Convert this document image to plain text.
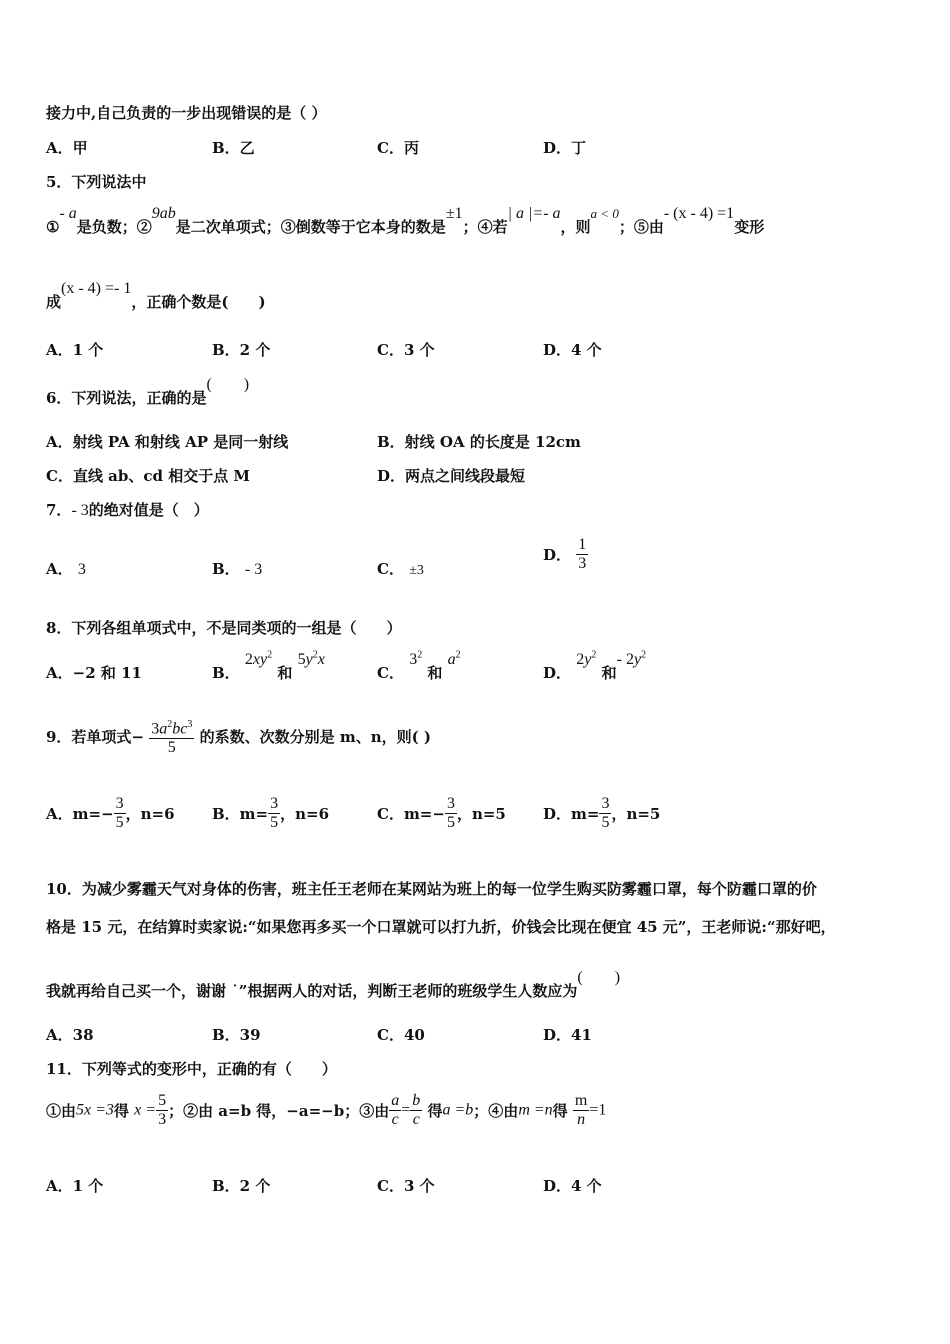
接力中,自己负责的一步出现错误的是（ ）
A．甲	B．乙	C．丙	D．丁
5．下列说法中
①- a是负数；②9ab是二次单项式；③倒数等于它本身的数是±1；④若| a |=- a，则a < 0；⑤由- (x - 4) =1变形
成(x - 4) =- 1，正确个数是(　　)
A．1 个	B．2 个	C．3 个	D．4 个
6．下列说法，正确的是(　　)
A．射线 PA 和射线 AP 是同一射线	B．射线 OA 的长度是 12cm
C．直线 ab、cd 相交于点 M	D．两点之间线段最短
7．- 3的绝对值是（　）
A． 3	B． - 3	C． ±3
D． $\frac{1}{3}$
8．下列各组单项式中，不是同类项的一组是（　　）
A．−2 和 11	B． $2xy^2$ 和 $5y^2x$
C． $3^2$ 和 $a^2$
D． $2y^2$ 和- $2y^2$
9．若单项式− $\frac{3a^2bc^3}{5}$ 的系数、次数分别是 m、n，则( )
A．$m=- \frac{3}{5}$ ，n=6 B．$m= \frac{3}{5}$ ，n=6	C．$m=- \frac{3}{5}$ ，n=5 D．$m= \frac{3}{5}$ ，n=5
10．为减少雾霾天气对身体的伤害，班主任王老师在某网站为班上的每一位学生购买防雾霾口罩，每个防霾口罩的价
格是 15 元，在结算时卖家说:“如果您再多买一个口罩就可以打九折，价钱会比现在便宜 45 元”，王老师说:“那好吧，
我就再给自己买一个，谢谢 ˙”根据两人的对话，判断王老师的班级学生人数应为(　　)
A．38	B．39	C．40	D．41
11．下列等式的变形中，正确的有（　　）
①由5x =3得 $x = \frac{5}{3}$ ；②由 a=b 得，−a=−b；③由 $\frac{a}{c} = \frac{b}{c}$ 得a =b；④由m =n得 $\frac{m}{n} =1$
A．1 个	B．2 个	C．3 个	D．4 个
